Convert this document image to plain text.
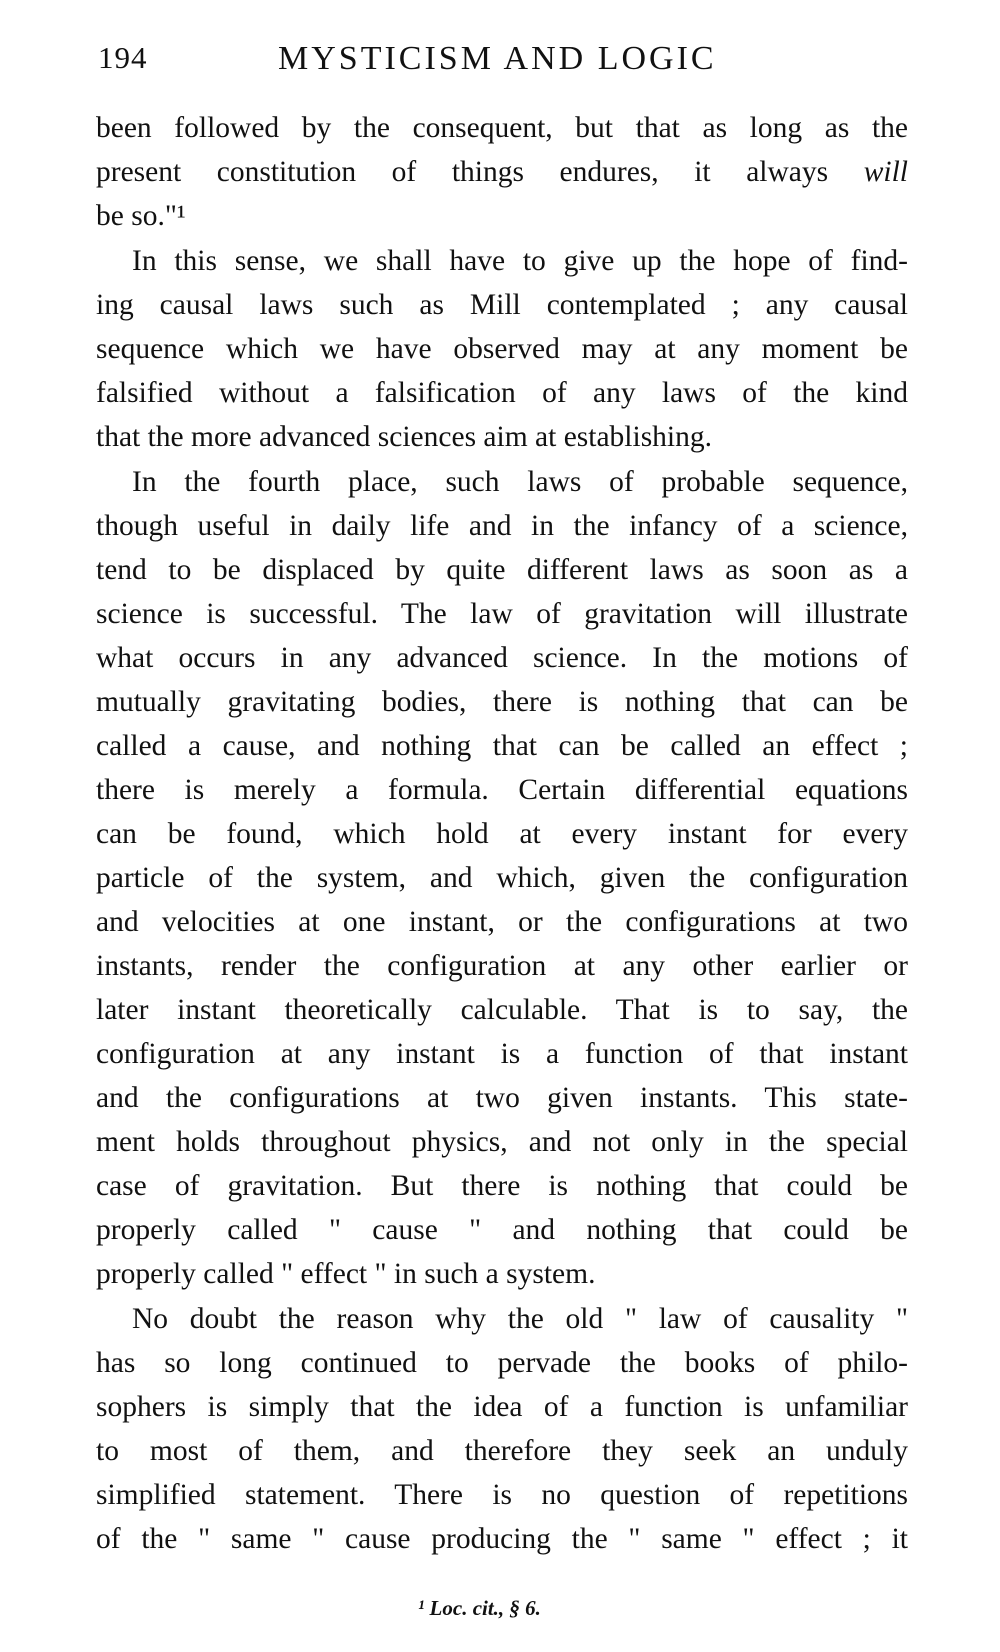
194	MYSTICISM AND LOGIC
been followed by the consequent, but that as long as the
present constitution of things endures, it always will
be so."¹
In this sense, we shall have to give up the hope of find-
ing causal laws such as Mill contemplated ; any causal
sequence which we have observed may at any moment be
falsified without a falsification of any laws of the kind
that the more advanced sciences aim at establishing.
In the fourth place, such laws of probable sequence,
though useful in daily life and in the infancy of a science,
tend to be displaced by quite different laws as soon as a
science is successful. The law of gravitation will illustrate
what occurs in any advanced science. In the motions of
mutually gravitating bodies, there is nothing that can be
called a cause, and nothing that can be called an effect ;
there is merely a formula. Certain differential equations
can be found, which hold at every instant for every
particle of the system, and which, given the configuration
and velocities at one instant, or the configurations at two
instants, render the configuration at any other earlier or
later instant theoretically calculable. That is to say, the
configuration at any instant is a function of that instant
and the configurations at two given instants. This state-
ment holds throughout physics, and not only in the special
case of gravitation. But there is nothing that could be
properly called " cause " and nothing that could be
properly called " effect " in such a system.
No doubt the reason why the old " law of causality "
has so long continued to pervade the books of philo-
sophers is simply that the idea of a function is unfamiliar
to most of them, and therefore they seek an unduly
simplified statement. There is no question of repetitions
of the " same " cause producing the " same " effect ; it
¹ Loc. cit., § 6.
